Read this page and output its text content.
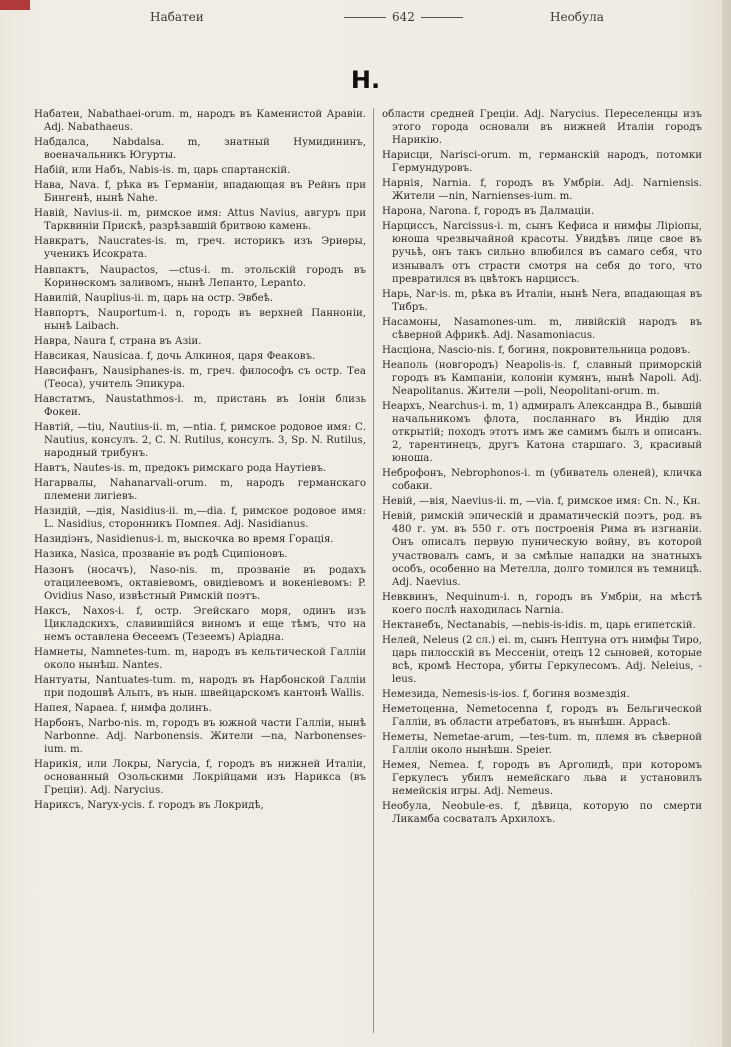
Набатеи	642	Необула
Н.

Набатеи, Nabathaei-orum. m, народъ въ Каменистой Аравіи. Adj. Nabathaeus.

Набдалса, Nabdalsa. m, знатный Нумидининъ, военачальникъ Югурты.

Набій, или Набъ, Nabis-is. m, царь спартанскій.

Нава, Nava. f, рѣка въ Германіи, впадающая въ Рейнъ при Бингенѣ, нынѣ Nahe.

Навій, Navius-ii. m, римское имя: Attus Navius, авгуръ при Тарквиніи Прискѣ, разрѣзавшій бритвою камень.

Навкратъ, Naucrates-is. m, греч. историкъ изъ Эриѳры, ученикъ Исократа.

Навпактъ, Naupactos, —ctus-i. m. этольскій городъ въ Коринѳскомъ заливомъ, нынѣ Лепанто, Lepanto.

Навилій, Nauplius-ii. m, царь на остр. Эвбеѣ.

Навпортъ, Nauportum-i. n, городъ въ верхней Панноніи, нынѣ Laibach.

Навра, Naura f, страна въ Азіи.

Навсикая, Nausicaa. f, дочь Алкиноя, царя Феаковъ.

Навсифанъ, Nausiphanes-is. m, греч. философъ съ остр. Теа (Теоса), учитель Эпикура.

Навстатмъ, Naustathmos-i. m, пристань въ Іоніи близь Фокеи.

Навтій, —tiu, Nautius-ii. m, —ntia. f, римское родовое имя: С. Nautius, консулъ. 2, С. N. Rutilus, консулъ. 3, Sp. N. Rutilus, народный трибунъ.

Навтъ, Nautes-is. m, предокъ римскаго рода Наутіевъ.

Нагарвалы, Nahanarvali-orum. m, народъ германскаго племени лигіевъ.

Назидій, —дія, Nasidius-ii. m,—dia. f, римское родовое имя: L. Nasidius, сторонникъ Помпея. Adj. Nasidianus.

Назидіэнъ, Nasidienus-i. m, выскочка во время Горація.

Назика, Nasica, прозваніе въ родѣ Сципіоновъ.

Назонъ (носачъ), Naso-nis. m, прозваніе въ родахъ отацилеевомъ, октавіевомъ, овидіевомъ и вокеніевомъ: P. Ovidius Naso, извѣстный Римскій поэтъ.

Наксъ, Naxos-i. f, остр. Эгейскаго моря, одинъ изъ Цикладскихъ, славившійся виномъ и еще тѣмъ, что на немъ оставлена Ѳесеемъ (Тезеемъ) Аріадна.

Намнеты, Namnetes-tum. m, народъ въ кельтической Галліи около нынѣш. Nantes.

Нантуаты, Nantuates-tum. m, народъ въ Нарбонской Галліи при подошвѣ Альпъ, въ нын. швейцарскомъ кантонѣ Wallis.

Напея, Napaea. f, нимфа долинъ.

Нарбонъ, Narbo-nis. m, городъ въ южной части Галліи, нынѣ Narbonne. Adj. Narbonensis. Жители —na, Narbonenses-ium. m.

Нарикія, или Локры, Narycia, f, городъ въ нижней Италіи, основанный Озольскими Локрійцами изъ Нарикса (въ Греціи). Adj. Narycius.

Нариксъ, Naryx-ycis. f. городъ въ Локридѣ,

области средней Греціи. Adj. Narycius. Переселенцы изъ этого города основали въ нижней Италіи городъ Нарикію.

Нарисци, Narisci-orum. m, германскій народъ, потомки Гермундуровъ.

Нарнія, Narnia. f, городъ въ Умбріи. Adj. Narniensis. Жители —nin, Narnienses-ium. m.

Нарона, Narona. f, городъ въ Далмаціи.

Нарциссъ, Narcissus-i. m, сынъ Кефиса и нимфы Ліріопы, юноша чрезвычайной красоты. Увидѣвъ лице свое въ ручьѣ, онъ такъ сильно влюбился въ самаго себя, что изнывалъ отъ страсти смотря на себя до того, что превратился въ цвѣтокъ нарциссъ.

Нарь, Nar-is. m, рѣка въ Италіи, нынѣ Nera, впадающая въ Тибръ.

Насамоны, Nasamones-um. m, ливійскій народъ въ сѣверной Африкѣ. Adj. Nasamoniacus.

Насціона, Nascio-nis. f, богиня, покровительница родовъ.

Неаполь (новгородъ) Neapolis-is. f, славный приморскій городъ въ Кампаніи, колоніи кумянъ, нынѣ Napoli. Adj. Neapolitanus. Жители —poli, Neopolitani-orum. m.

Неархъ, Nearchus-i. m, 1) адмиралъ Александра В., бывшій начальникомъ флота, посланнаго въ Индію для открытій; походъ этотъ имъ же самимъ былъ и описанъ. 2, тарентинецъ, другъ Катона старшаго. 3, красивый юноша.

Неброфонъ, Nebrophonos-i. m (убиватель оленей), кличка собаки.

Невій, —вія, Naevius-ii. m, —via. f, римское имя: Cn. N., Кн.

Невій, римскій эпическій и драматическій поэтъ, род. въ 480 г. ум. въ 550 г. отъ построенія Рима въ изгнаніи. Онъ описалъ первую пуническую войну, въ которой участвовалъ самъ, и за смѣлые нападки на знатныхъ особъ, особенно на Метелла, долго томился въ темницѣ. Adj. Naevius.

Невквинъ, Nequinum-i. n, городъ въ Умбріи, на мѣстѣ коего послѣ находилась Narnia.

Нектанебъ, Nectanabis, —nebis-is-idis. m, царь египетскій.

Нелей, Neleus (2 сл.) ei. m, сынъ Нептуна отъ нимфы Тиро, царь пилосскій въ Мессеніи, отецъ 12 сыновей, которые всѣ, кромѣ Нестора, убиты Геркулесомъ. Adj. Neleius, -leus.

Немезида, Nemesis-is-ios. f, богиня возмездія.

Неметоценна, Nemetocenna f, городъ въ Бельгической Галліи, въ области атребатовъ, въ нынѣшн. Аррасѣ.

Неметы, Nemetae-arum, —tes-tum. m, племя въ сѣверной Галліи около нынѣшн. Speier.

Немея, Nemea. f, городъ въ Арголидѣ, при которомъ Геркулесъ убилъ немейскаго льва и установилъ немейскія игры. Adj. Nemeus.

Необула, Neobule-es. f, дѣвица, которую по смерти Ликамба сосваталъ Архилохъ.
